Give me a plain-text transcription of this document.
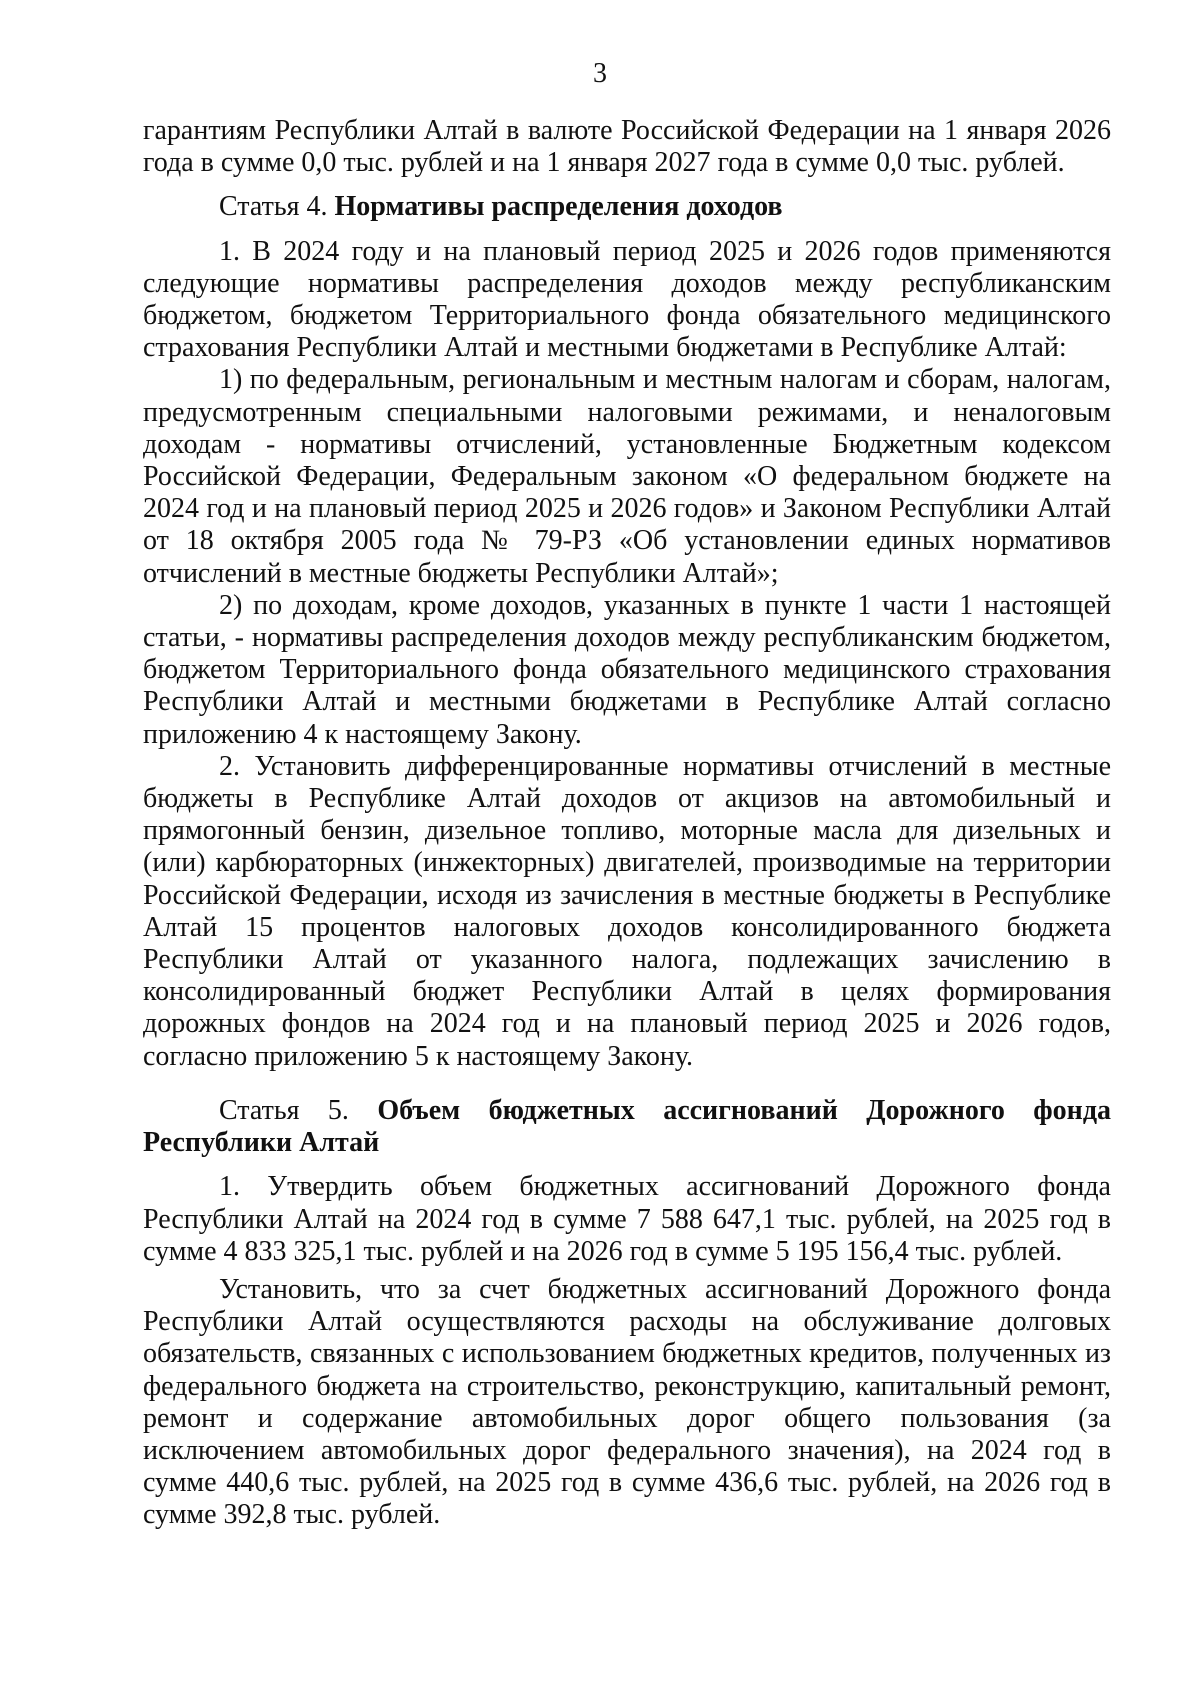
3

гарантиям Республики Алтай в валюте Российской Федерации на 1 января 2026 года в сумме 0,0 тыс. рублей и на 1 января 2027 года в сумме 0,0 тыс. рублей.

Статья 4. Нормативы распределения доходов

1. В 2024 году и на плановый период 2025 и 2026 годов применяются следующие нормативы распределения доходов между республиканским бюджетом, бюджетом Территориального фонда обязательного медицинского страхования Республики Алтай и местными бюджетами в Республике Алтай:

1) по федеральным, региональным и местным налогам и сборам, налогам, предусмотренным специальными налоговыми режимами, и неналоговым доходам - нормативы отчислений, установленные Бюджетным кодексом Российской Федерации, Федеральным законом «О федеральном бюджете на 2024 год и на плановый период 2025 и 2026 годов» и Законом Республики Алтай от 18 октября 2005 года № 79-РЗ «Об установлении единых нормативов отчислений в местные бюджеты Республики Алтай»;

2) по доходам, кроме доходов, указанных в пункте 1 части 1 настоящей статьи, - нормативы распределения доходов между республиканским бюджетом, бюджетом Территориального фонда обязательного медицинского страхования Республики Алтай и местными бюджетами в Республике Алтай согласно приложению 4 к настоящему Закону.

2. Установить дифференцированные нормативы отчислений в местные бюджеты в Республике Алтай доходов от акцизов на автомобильный и прямогонный бензин, дизельное топливо, моторные масла для дизельных и (или) карбюраторных (инжекторных) двигателей, производимые на территории Российской Федерации, исходя из зачисления в местные бюджеты в Республике Алтай 15 процентов налоговых доходов консолидированного бюджета Республики Алтай от указанного налога, подлежащих зачислению в консолидированный бюджет Республики Алтай в целях формирования дорожных фондов на 2024 год и на плановый период 2025 и 2026 годов, согласно приложению 5 к настоящему Закону.

Статья 5. Объем бюджетных ассигнований Дорожного фонда Республики Алтай

1. Утвердить объем бюджетных ассигнований Дорожного фонда Республики Алтай на 2024 год в сумме 7 588 647,1 тыс. рублей, на 2025 год в сумме 4 833 325,1 тыс. рублей и на 2026 год в сумме 5 195 156,4 тыс. рублей.

Установить, что за счет бюджетных ассигнований Дорожного фонда Республики Алтай осуществляются расходы на обслуживание долговых обязательств, связанных с использованием бюджетных кредитов, полученных из федерального бюджета на строительство, реконструкцию, капитальный ремонт, ремонт и содержание автомобильных дорог общего пользования (за исключением автомобильных дорог федерального значения), на 2024 год в сумме 440,6 тыс. рублей, на 2025 год в сумме 436,6 тыс. рублей, на 2026 год в сумме 392,8 тыс. рублей.
